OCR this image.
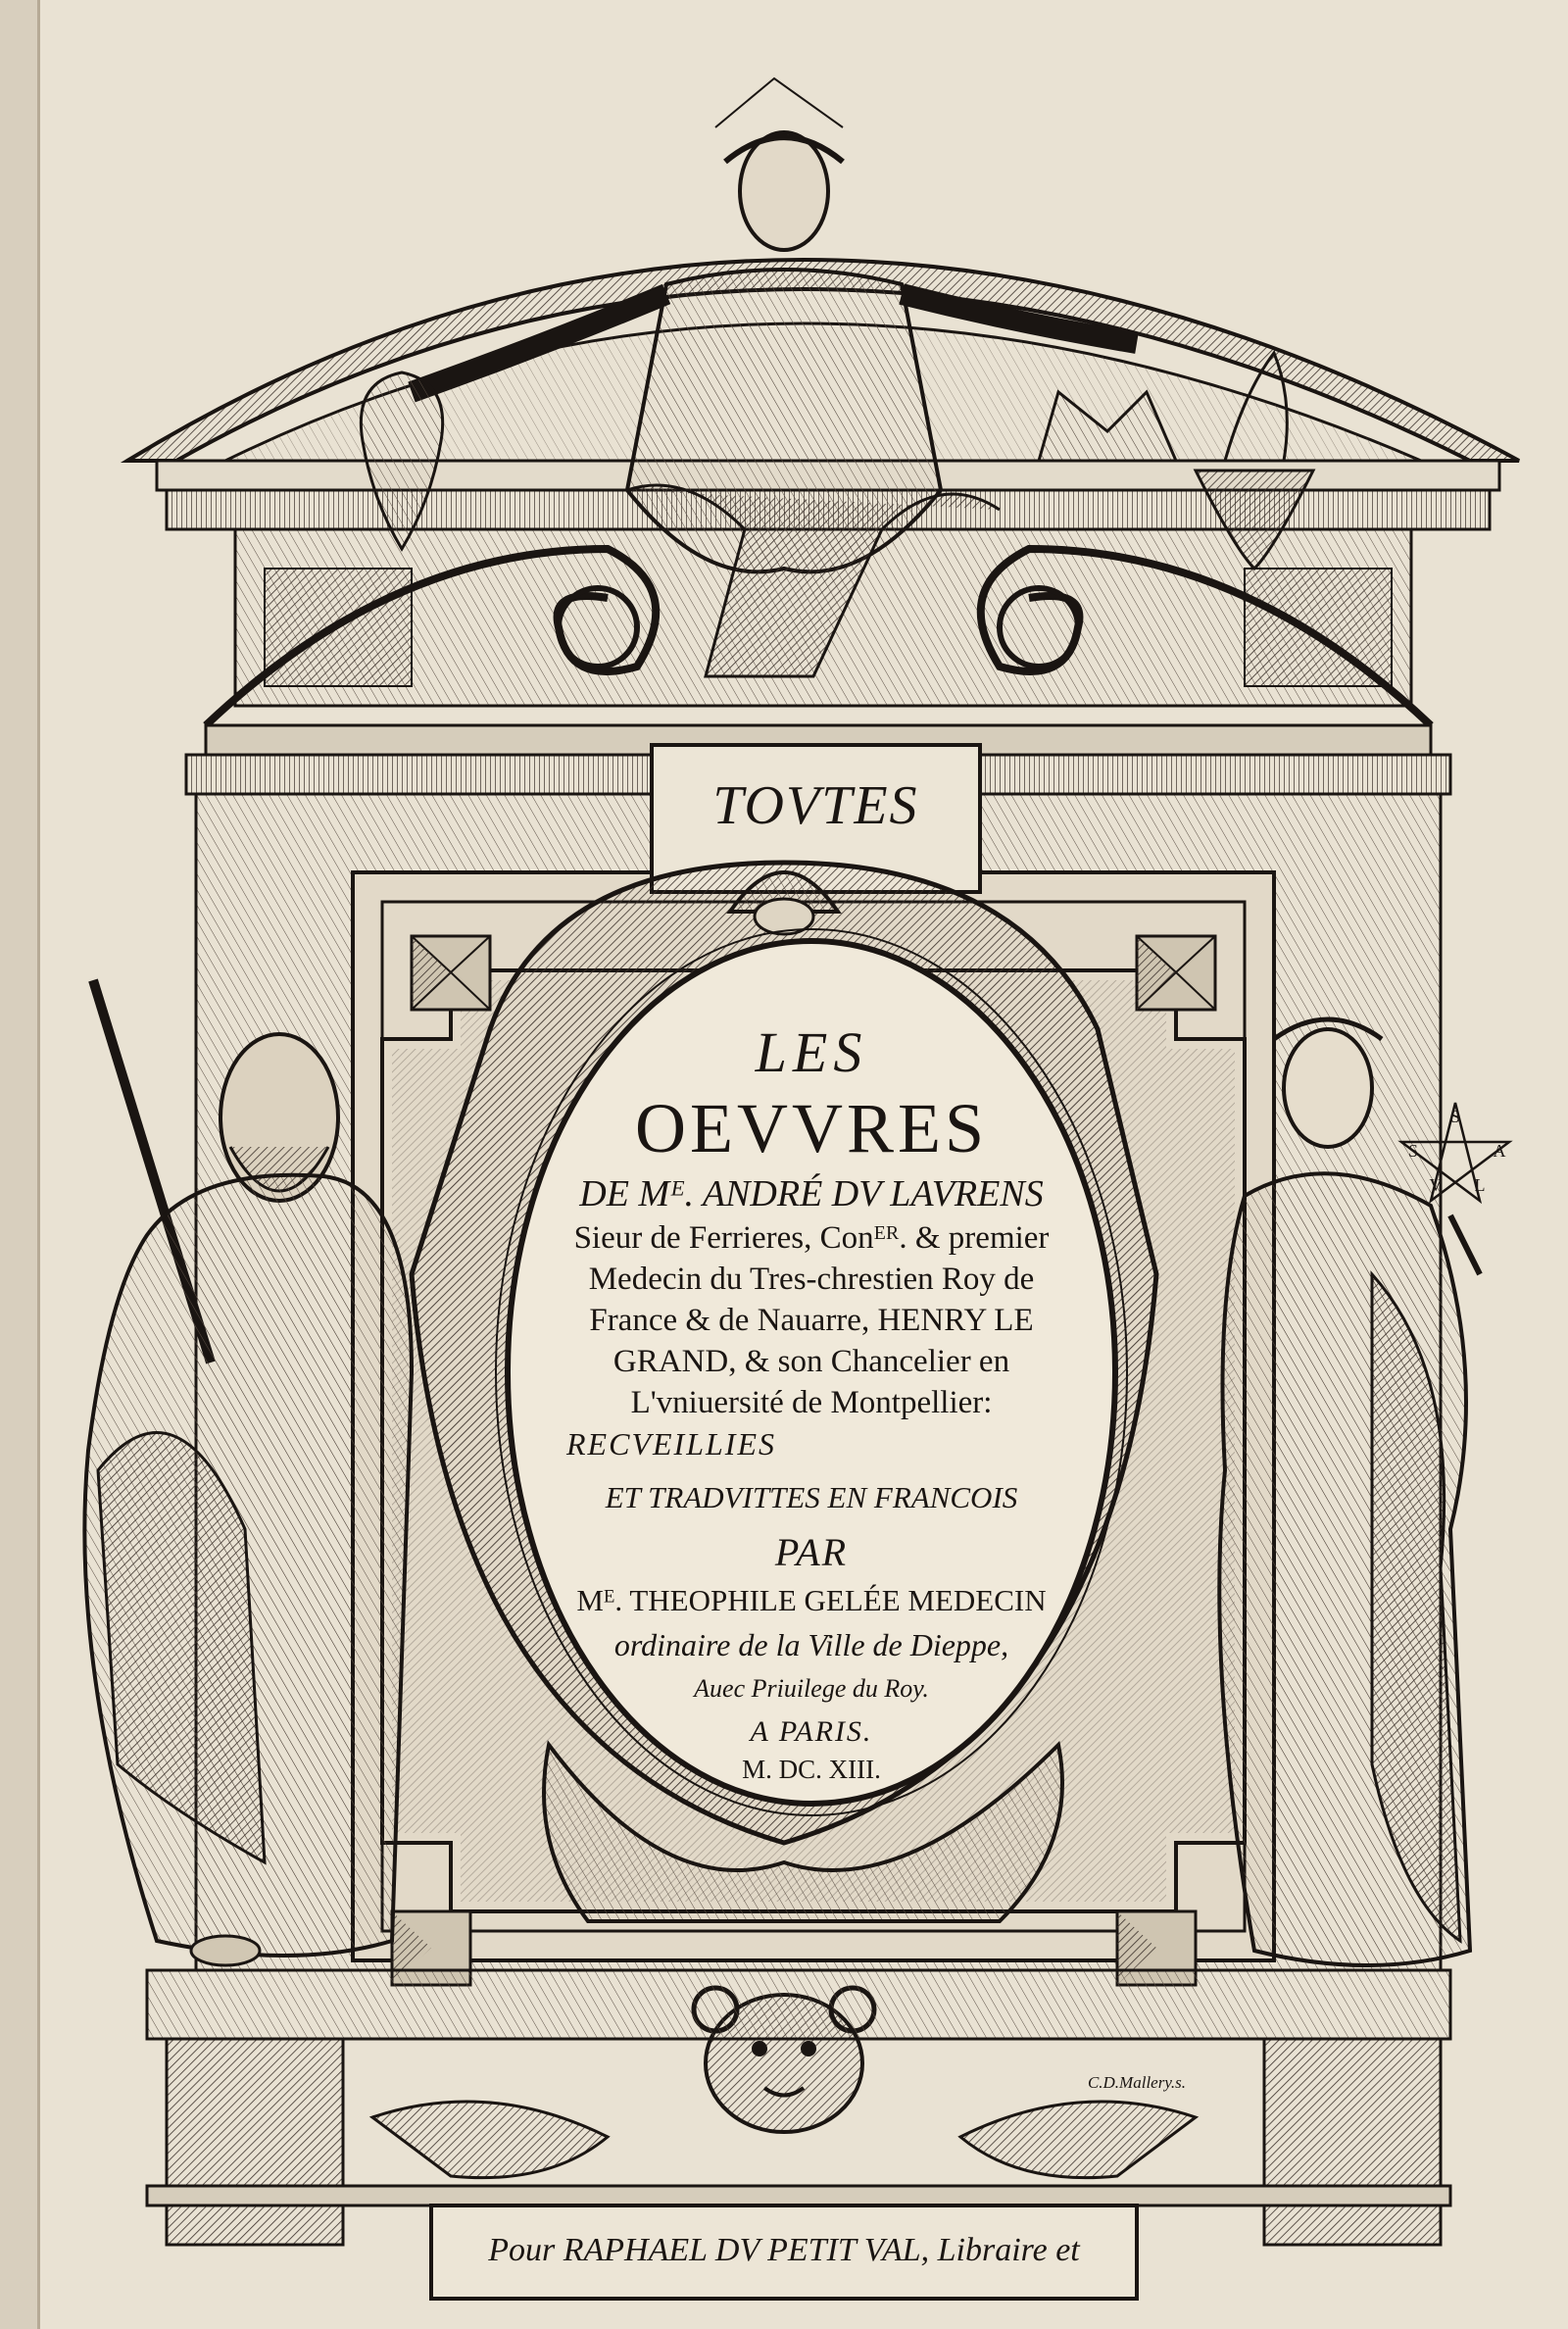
S
A
L
V
S
TOVTES
LES
OEVVRES
DE Mᴱ. ANDRÉ DV LAVRENS
Sieur de Ferrieres, Conᴱᴿ. & premier
Medecin du Tres-chrestien Roy de
France & de Nauarre, HENRY LE
GRAND, & son Chancelier en
L'vniuersité de Montpellier:
RECVEILLIES
ET TRADVITTES EN FRANCOIS
PAR
Mᴱ. THEOPHILE GELÉE MEDECIN
ordinaire de la Ville de Dieppe,
Auec Priuilege du Roy.
A PARIS.
M. DC. XIII.
C.D.Mallery.s.
Pour RAPHAEL DV PETIT VAL, Libraire et
